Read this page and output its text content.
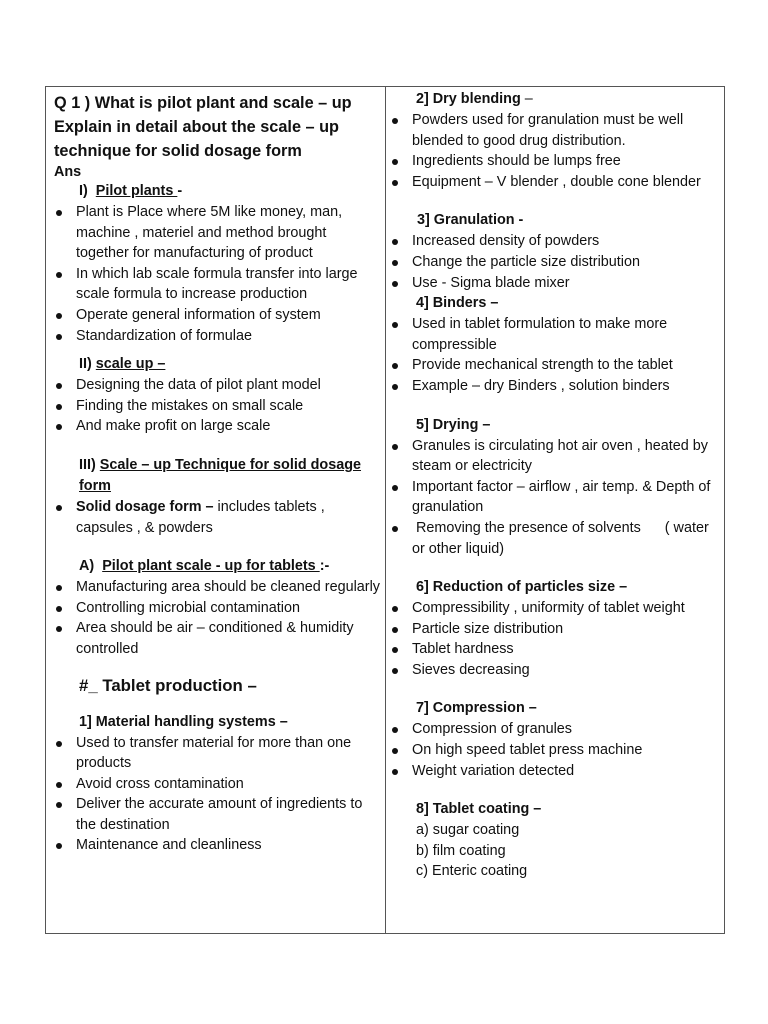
Q 1 ) What is pilot plant and scale – up Explain in detail about the scale – up technique for solid dosage form

Ans

I) Pilot plants -

Plant is Place where 5M like money, man, machine , materiel and method brought together for manufacturing of product
In which lab scale formula transfer into large scale formula to increase production
Operate general information of system
Standardization of formulae

II) scale up –

Designing the data of pilot plant model
Finding the mistakes on small scale
And make profit on large scale

III) Scale – up Technique for solid dosage form

Solid dosage form – includes tablets , capsules , & powders

A) Pilot plant scale - up for tablets :-

Manufacturing area should be cleaned regularly
Controlling microbial contamination
Area should be air – conditioned & humidity controlled

#_ Tablet production –

1] Material handling systems –

Used to transfer material for more than one products
Avoid cross contamination
Deliver the accurate amount of ingredients to the destination
Maintenance and cleanliness

2] Dry blending –

Powders used for granulation must be well blended to good drug distribution.
Ingredients should be lumps free
Equipment – V blender , double cone blender

3] Granulation -

Increased density of powders
Change the particle size distribution
Use - Sigma blade mixer

4] Binders –

Used in tablet formulation to make more compressible
Provide mechanical strength to the tablet
Example – dry Binders , solution binders

5] Drying –

Granules is circulating hot air oven , heated by steam or electricity
Important factor – airflow , air temp. & Depth of granulation
Removing the presence of solvents      ( water or other liquid)

6] Reduction of particles size –

Compressibility , uniformity of tablet weight
Particle size distribution
Tablet hardness
Sieves decreasing

7] Compression –

Compression of granules
On high speed tablet press machine
Weight variation detected

8] Tablet coating –

a) sugar coating
b) film coating
c) Enteric coating
